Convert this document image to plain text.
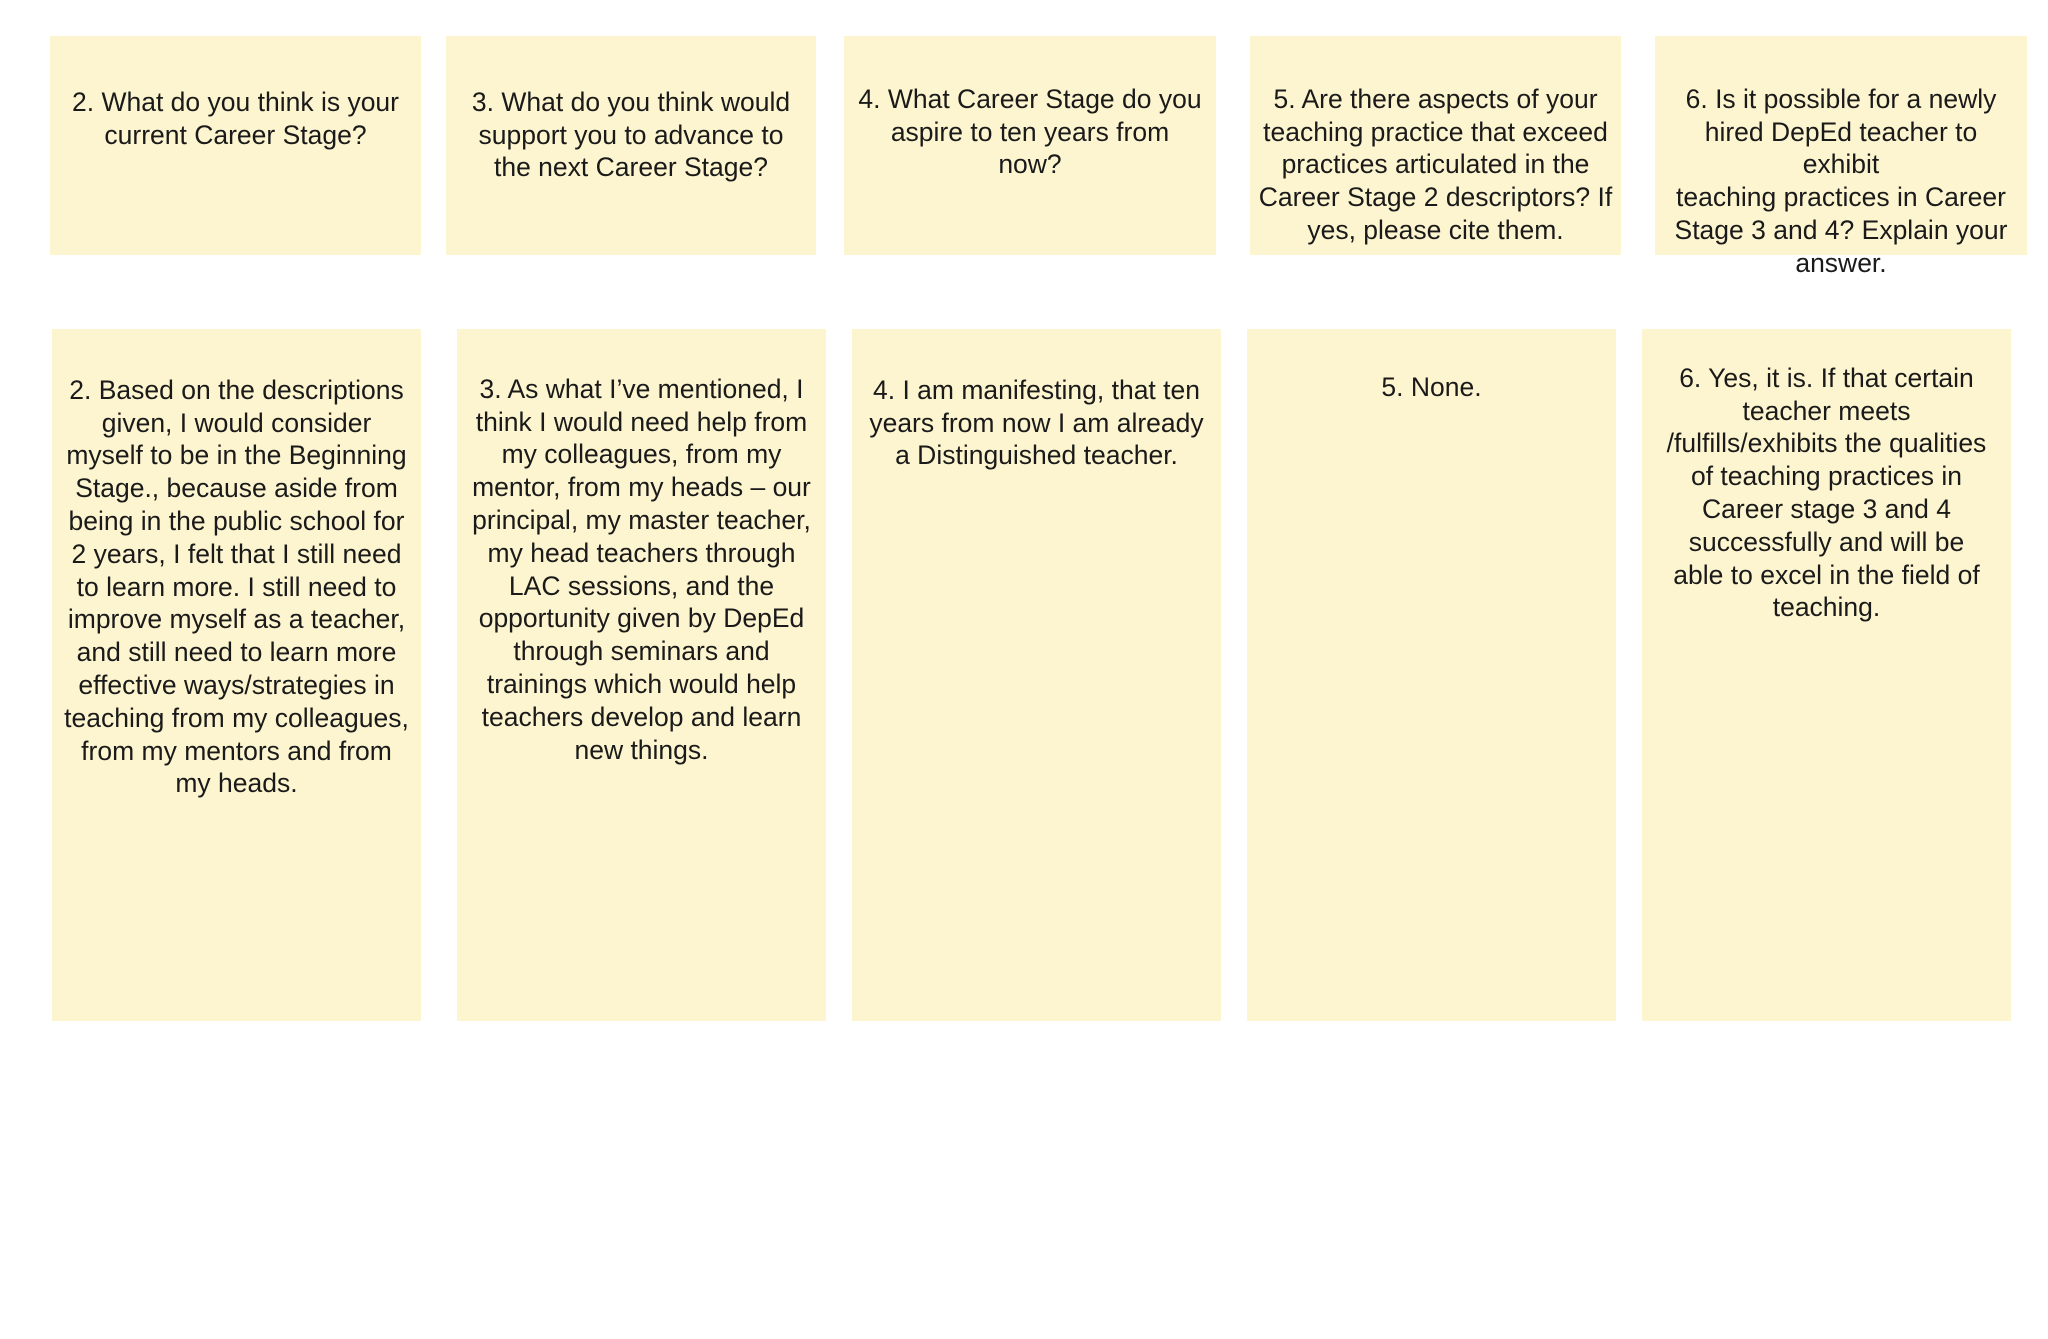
2. What do you think is your
current Career Stage?

3. What do you think would
support you to advance to
the next Career Stage?

4. What Career Stage do you
aspire to ten years from
now?

5. Are there aspects of your
teaching practice that exceed
practices articulated in the
Career Stage 2 descriptors? If
yes, please cite them.

6. Is it possible for a newly
hired DepEd teacher to exhibit
teaching practices in Career
Stage 3 and 4? Explain your
answer.

2. Based on the descriptions
given, I would consider
myself to be in the Beginning
Stage., because aside from
being in the public school for
2 years, I felt that I still need
to learn more. I still need to
improve myself as a teacher,
and still need to learn more
effective ways/strategies in
teaching from my colleagues,
from my mentors and from
my heads.

3. As what I’ve mentioned, I
think I would need help from
my colleagues, from my
mentor, from my heads – our
principal, my master teacher,
my head teachers through
LAC sessions, and the
opportunity given by DepEd
through seminars and
trainings which would help
teachers develop and learn
new things.

4. I am manifesting, that ten
years from now I am already
a Distinguished teacher.

5. None.	6. Yes, it is. If that certain
teacher meets
/fulfills/exhibits the qualities
of teaching practices in
Career stage 3 and 4
successfully and will be
able to excel in the field of
teaching.
